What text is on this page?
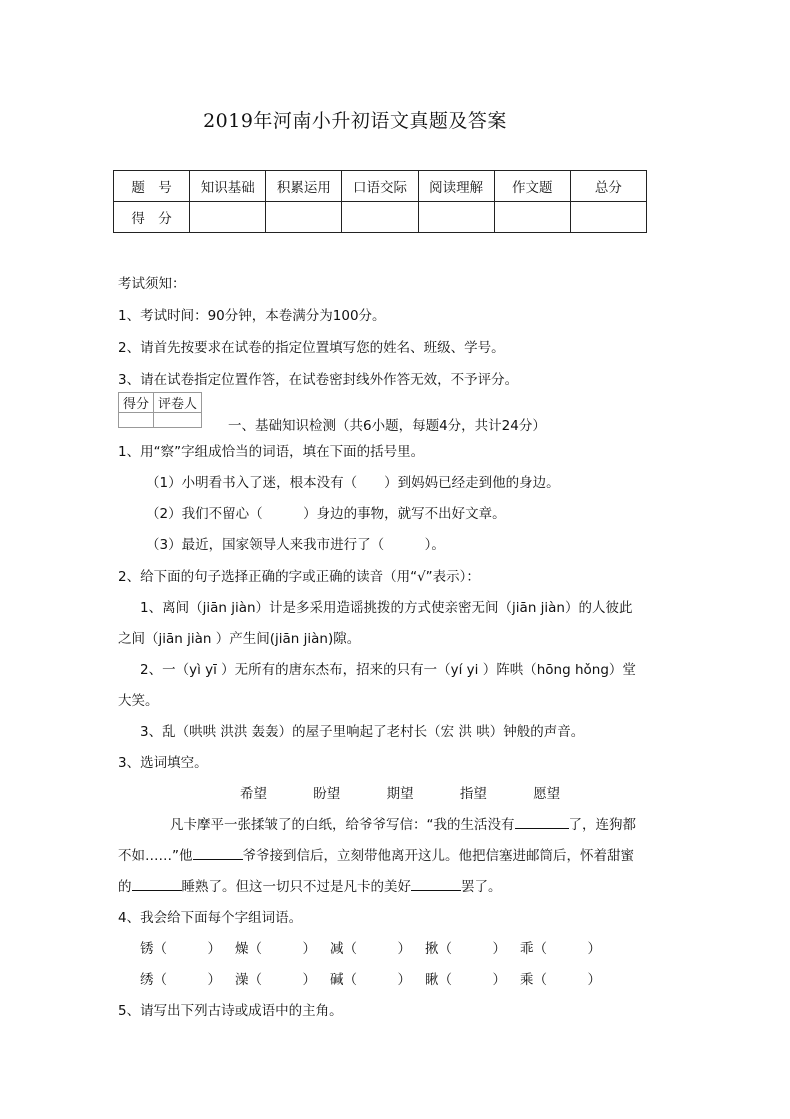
2019年河南小升初语文真题及答案
题　号	知识基础	积累运用	口语交际	阅读理解	作文题	总分
得　分						
考试须知：
1、考试时间：90分钟，本卷满分为100分。
2、请首先按要求在试卷的指定位置填写您的姓名、班级、学号。
3、请在试卷指定位置作答，在试卷密封线外作答无效，不予评分。
得分	评卷人

一、基础知识检测（共6小题，每题4分，共计24分）
1、用“察”字组成恰当的词语，填在下面的括号里。
（1）小明看书入了迷，根本没有（　　）到妈妈已经走到他的身边。
（2）我们不留心（　　　）身边的事物，就写不出好文章。
（3）最近，国家领导人来我市进行了（　　　）。
2、给下面的句子选择正确的字或正确的读音（用“√”表示）：
1、离间（jiān jiàn）计是多采用造谣挑拨的方式使亲密无间（jiān jiàn）的人彼此
之间（jiān jiàn ）产生间(jiān jiàn)隙。
2、一（yì yī ）无所有的唐东杰布，招来的只有一（yí yi ）阵哄（hōng hǒng）堂
大笑。
3、乱（哄哄 洪洪 轰轰）的屋子里响起了老村长（宏 洪 哄）钟般的声音。
3、选词填空。
希望	盼望	期望	指望	愿望
凡卡摩平一张揉皱了的白纸，给爷爷写信：“我的生活没有	了，连狗都
不如……”他	爷爷接到信后，立刻带他离开这儿。他把信塞进邮筒后，怀着甜蜜
的	睡熟了。但这一切只不过是凡卡的美好	罢了。
4、我会给下面每个字组词语。
锈（　　　） 燥（　　　） 减（　　　） 揪（　　　） 乖（　　　）
绣（　　　） 澡（　　　） 碱（　　　） 瞅（　　　） 乘（　　　）
5、请写出下列古诗或成语中的主角。
